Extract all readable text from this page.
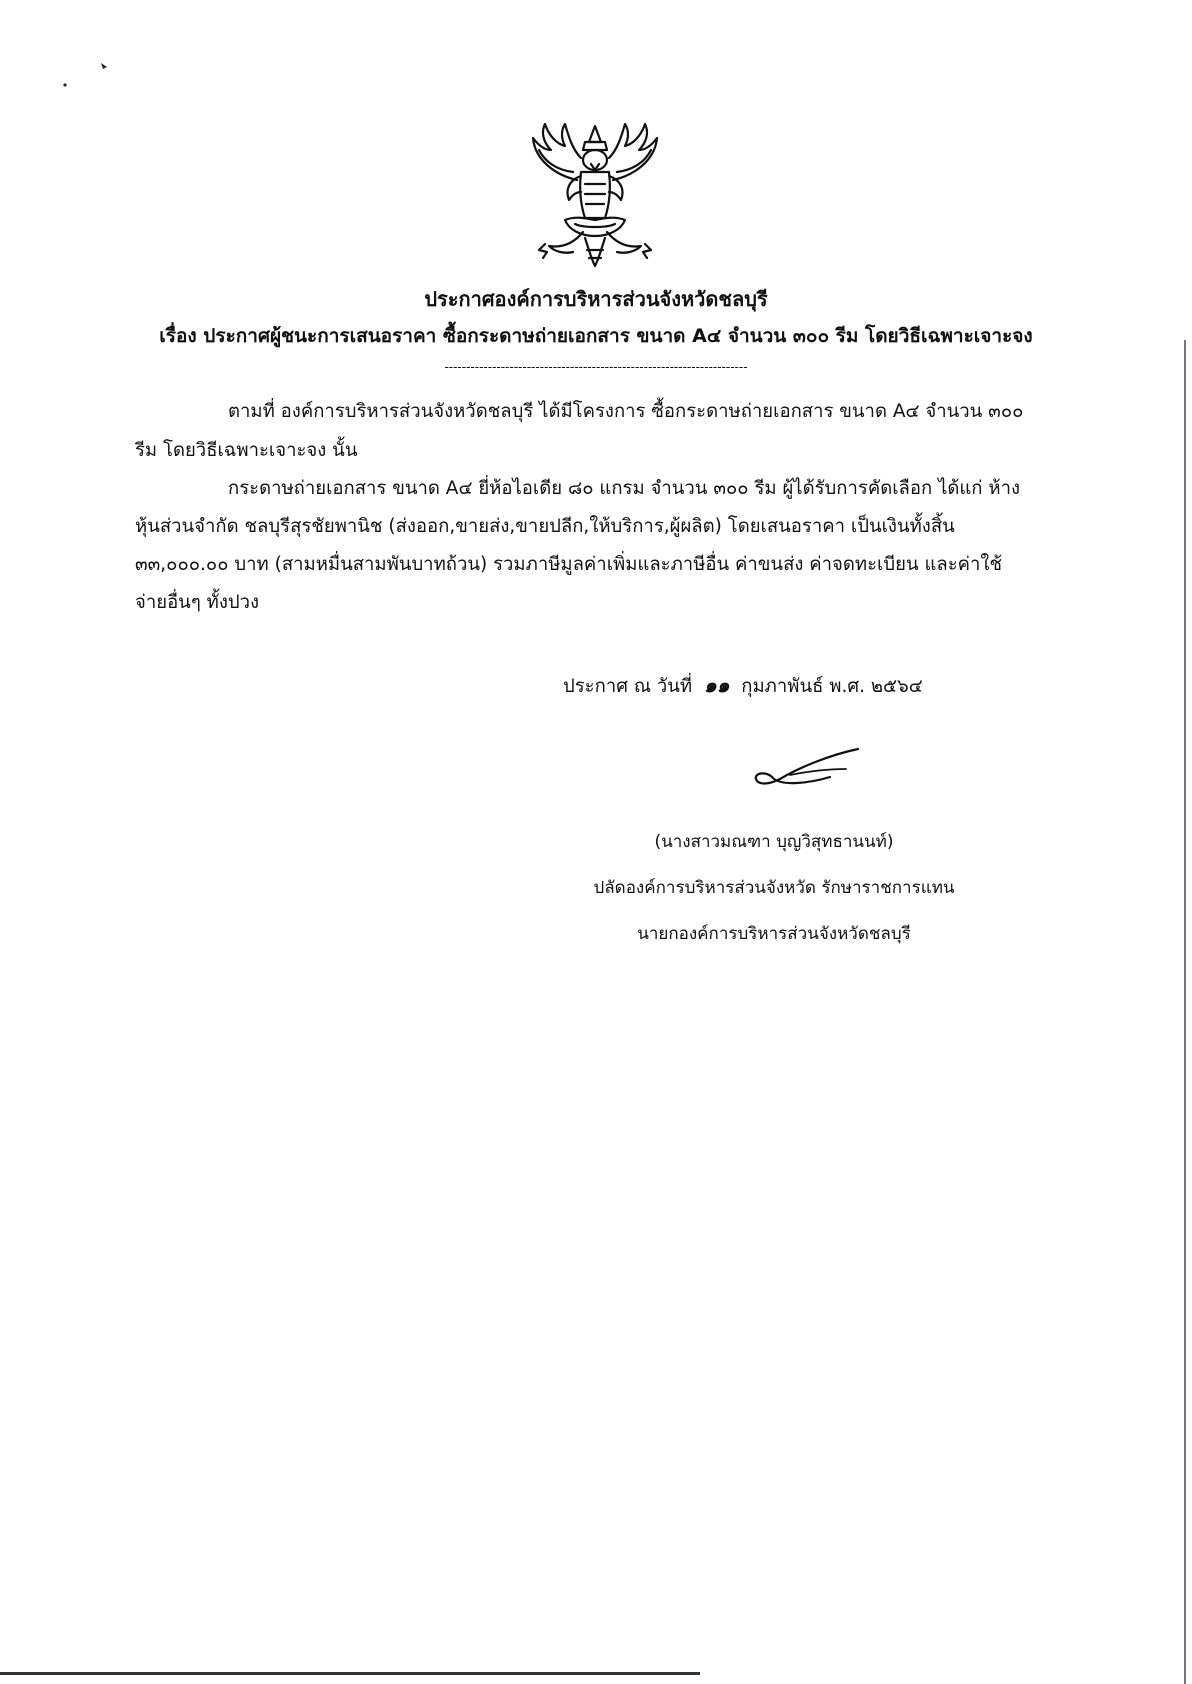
ประกาศองค์การบริหารส่วนจังหวัดชลบุรี
เรื่อง ประกาศผู้ชนะการเสนอราคา ซื้อกระดาษถ่ายเอกสาร ขนาด A๔ จำนวน ๓๐๐ รีม โดยวิธีเฉพาะเจาะจง
----------------------------------------------------------------------
ตามที่ องค์การบริหารส่วนจังหวัดชลบุรี ได้มีโครงการ ซื้อกระดาษถ่ายเอกสาร ขนาด A๔ จำนวน ๓๐๐
รีม โดยวิธีเฉพาะเจาะจง นั้น
กระดาษถ่ายเอกสาร ขนาด A๔ ยี่ห้อไอเดีย ๘๐ แกรม จำนวน ๓๐๐ รีม ผู้ได้รับการคัดเลือก ได้แก่ ห้าง
หุ้นส่วนจำกัด ชลบุรีสุรชัยพานิช (ส่งออก,ขายส่ง,ขายปลีก,ให้บริการ,ผู้ผลิต) โดยเสนอราคา เป็นเงินทั้งสิ้น
๓๓,๐๐๐.๐๐ บาท (สามหมื่นสามพันบาทถ้วน) รวมภาษีมูลค่าเพิ่มและภาษีอื่น ค่าขนส่ง ค่าจดทะเบียน และค่าใช้
จ่ายอื่นๆ ทั้งปวง
ประกาศ ณ วันที่ ๑๑ กุมภาพันธ์ พ.ศ. ๒๕๖๔
(นางสาวมณฑา บุญวิสุทธานนท์)
ปลัดองค์การบริหารส่วนจังหวัด รักษาราชการแทน
นายกองค์การบริหารส่วนจังหวัดชลบุรี
